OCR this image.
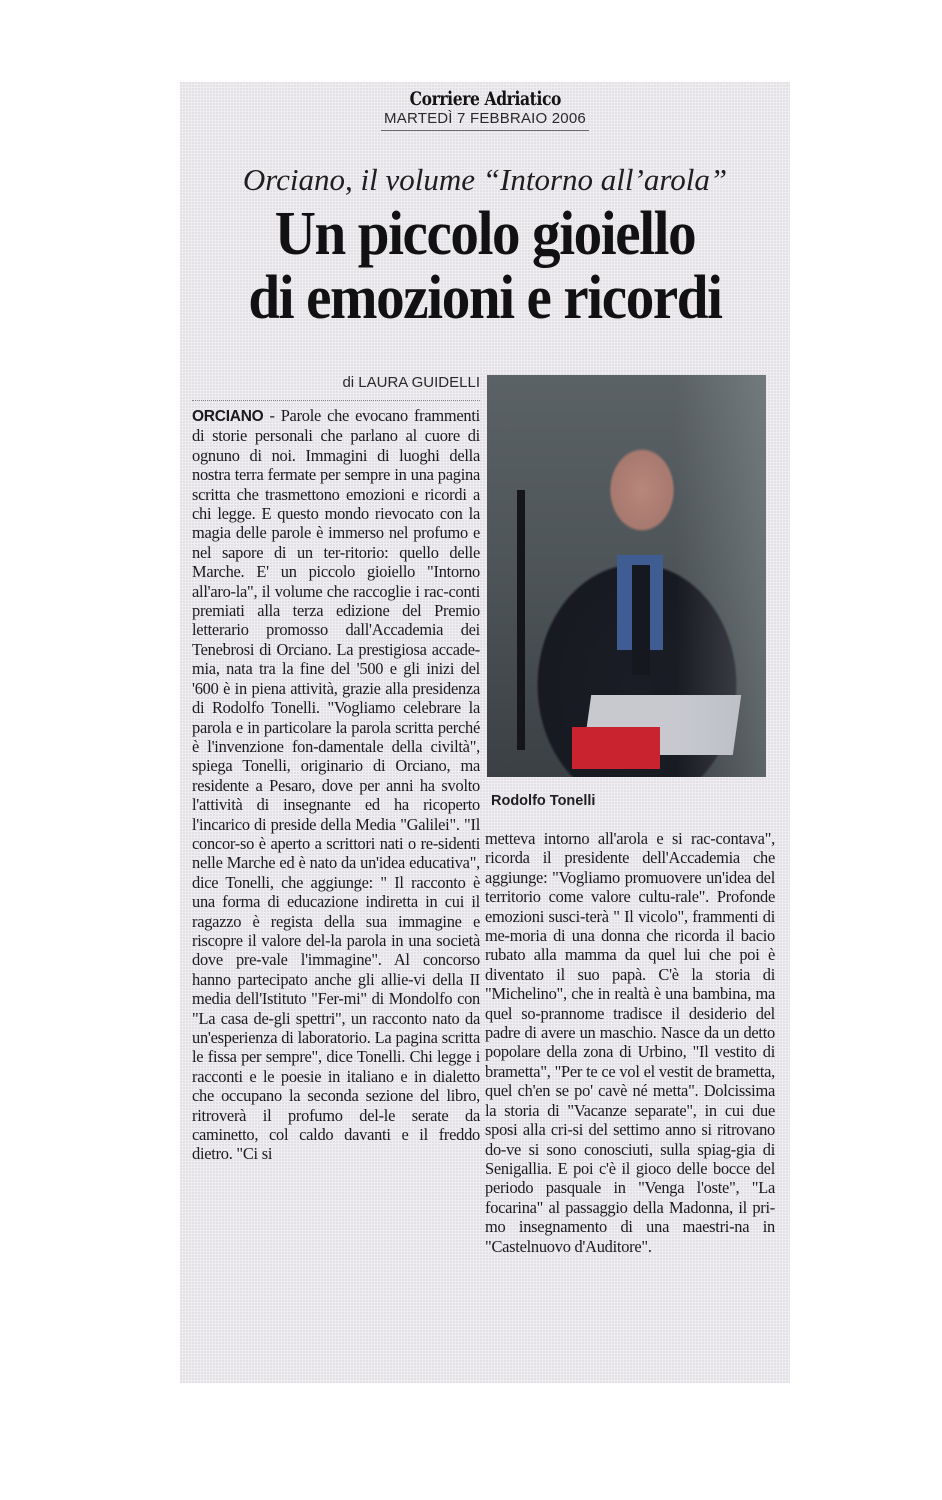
Corriere Adriatico
MARTEDÌ 7 FEBBRAIO 2006
Orciano, il volume “Intorno all’arola”
Un piccolo gioiello
di emozioni e ricordi
di LAURA GUIDELLI
ORCIANO - Parole che evocano frammenti di storie personali che parlano al cuore di ognuno di noi. Immagini di luoghi della nostra terra fermate per sempre in una pagina scritta che trasmettono emozioni e ricordi a chi legge. E questo mondo rievocato con la magia delle parole è immerso nel profumo e nel sapore di un ter-ritorio: quello delle Marche. E' un piccolo gioiello "Intorno all'aro-la", il volume che raccoglie i rac-conti premiati alla terza edizione del Premio letterario promosso dall'Accademia dei Tenebrosi di Orciano. La prestigiosa accade-mia, nata tra la fine del '500 e gli inizi del '600 è in piena attività, grazie alla presidenza di Rodolfo Tonelli. "Vogliamo celebrare la parola e in particolare la parola scritta perché è l'invenzione fon-damentale della civiltà", spiega Tonelli, originario di Orciano, ma residente a Pesaro, dove per anni ha svolto l'attività di insegnante ed ha ricoperto l'incarico di preside della Media "Galilei". "Il concor-so è aperto a scrittori nati o re-sidenti nelle Marche ed è nato da un'idea educativa", dice Tonelli, che aggiunge: " Il racconto è una forma di educazione indiretta in cui il ragazzo è regista della sua immagine e riscopre il valore del-la parola in una società dove pre-vale l'immagine". Al concorso hanno partecipato anche gli allie-vi della II media dell'Istituto "Fer-mi" di Mondolfo con "La casa de-gli spettri", un racconto nato da un'esperienza di laboratorio. La pagina scritta le fissa per sempre", dice Tonelli. Chi legge i racconti e le poesie in italiano e in dialetto che occupano la seconda sezione del libro, ritroverà il profumo del-le serate da caminetto, col caldo davanti e il freddo dietro. "Ci si
Rodolfo Tonelli
metteva intorno all'arola e si rac-contava", ricorda il presidente dell'Accademia che aggiunge: "Vogliamo promuovere un'idea del territorio come valore cultu-rale". Profonde emozioni susci-terà " Il vicolo", frammenti di me-moria di una donna che ricorda il bacio rubato alla mamma da quel lui che poi è diventato il suo papà. C'è la storia di "Michelino", che in realtà è una bambina, ma quel so-prannome tradisce il desiderio del padre di avere un maschio. Nasce da un detto popolare della zona di Urbino, "Il vestito di brametta", "Per te ce vol el vestit de brametta, quel ch'en se po' cavè né metta". Dolcissima la storia di "Vacanze separate", in cui due sposi alla cri-si del settimo anno si ritrovano do-ve si sono conosciuti, sulla spiag-gia di Senigallia. E poi c'è il gioco delle bocce del periodo pasquale in "Venga l'oste", "La focarina" al passaggio della Madonna, il pri-mo insegnamento di una maestri-na in "Castelnuovo d'Auditore".
